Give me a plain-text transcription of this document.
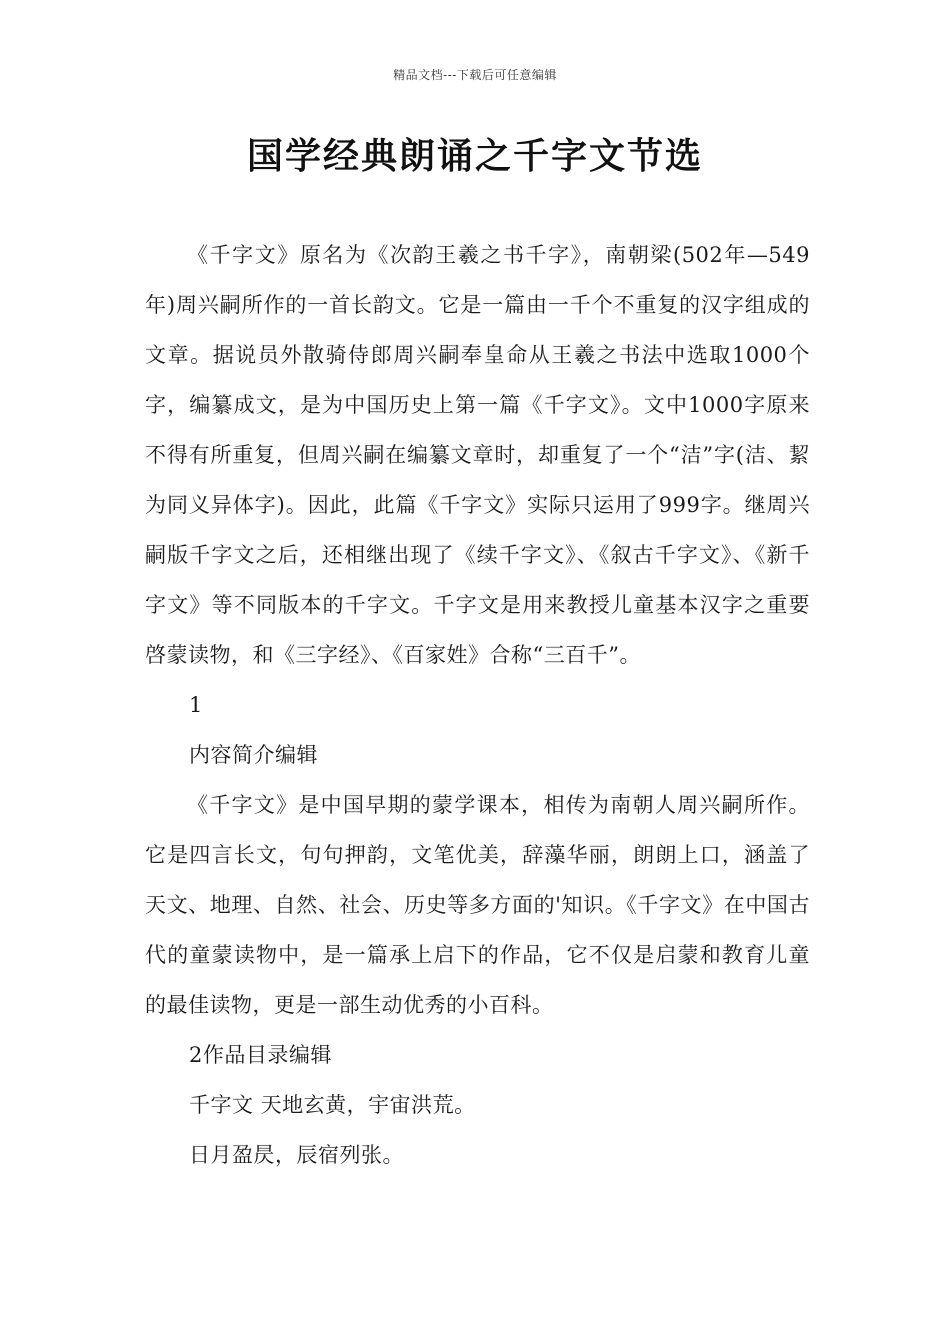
精品文档---下载后可任意编辑
国学经典朗诵之千字文节选

《千字文》原名为《次韵王羲之书千字》，南朝梁(502年—549年)周兴嗣所作的一首长韵文。它是一篇由一千个不重复的汉字组成的文章。据说员外散骑侍郎周兴嗣奉皇命从王羲之书法中选取1000个字，编纂成文，是为中国历史上第一篇《千字文》。文中1000字原来不得有所重复，但周兴嗣在编纂文章时，却重复了一个“洁”字(洁、絜为同义异体字)。因此，此篇《千字文》实际只运用了999字。继周兴嗣版千字文之后，还相继出现了《续千字文》、《叙古千字文》、《新千字文》等不同版本的千字文。千字文是用来教授儿童基本汉字之重要啓蒙读物，和《三字经》、《百家姓》合称“三百千”。

1

内容简介编辑

《千字文》是中国早期的蒙学课本，相传为南朝人周兴嗣所作。它是四言长文，句句押韵，文笔优美，辞藻华丽，朗朗上口，涵盖了天文、地理、自然、社会、历史等多方面的'知识。《千字文》在中国古代的童蒙读物中，是一篇承上启下的作品，它不仅是启蒙和教育儿童的最佳读物，更是一部生动优秀的小百科。

2作品目录编辑

千字文 天地玄黄，宇宙洪荒。

日月盈昃，辰宿列张。
